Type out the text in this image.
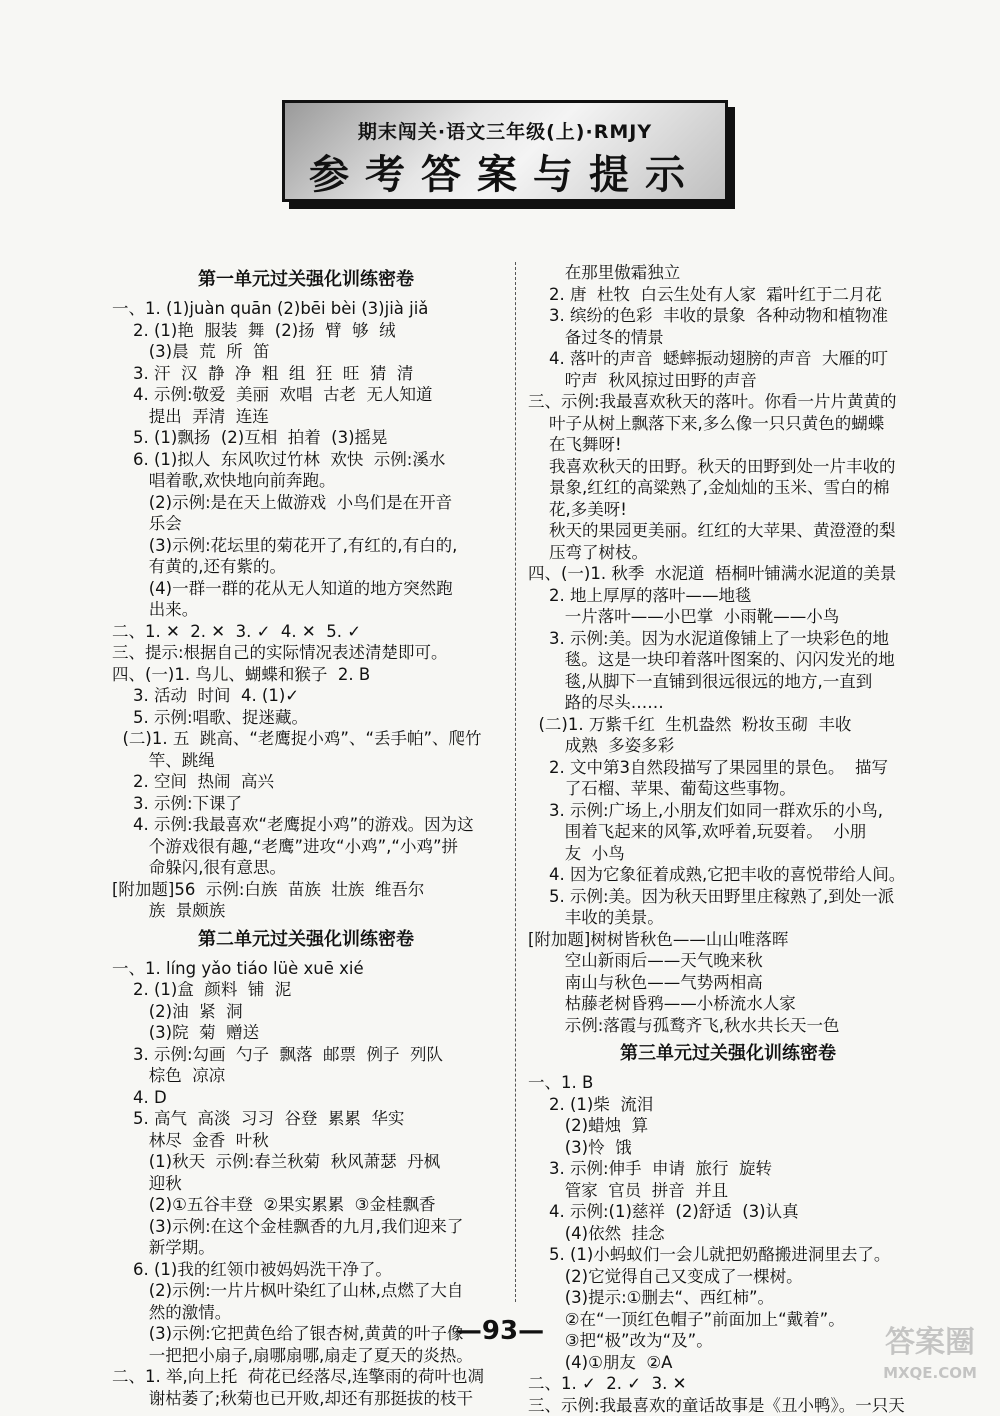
期末闯关·语文三年级(上)·RMJY
参考答案与提示
第一单元过关强化训练密卷
一、1. (1)juàn quān (2)bēi bèi (3)jià jiǎ
2. (1)艳  服装  舞  (2)扬  臂  够  绒
(3)晨  荒  所  笛
3. 汗  汉  静  净  粗  组  狂  旺  猜  清
4. 示例:敬爱  美丽  欢唱  古老  无人知道
提出  弄清  连连
5. (1)飘扬  (2)互相  拍着  (3)摇晃
6. (1)拟人  东风吹过竹林  欢快  示例:溪水
唱着歌,欢快地向前奔跑。
(2)示例:是在天上做游戏  小鸟们是在开音
乐会
(3)示例:花坛里的菊花开了,有红的,有白的,
有黄的,还有紫的。
(4)一群一群的花从无人知道的地方突然跑
出来。
二、1. ✕  2. ✕  3. ✓  4. ✕  5. ✓
三、提示:根据自己的实际情况表述清楚即可。
四、(一)1. 鸟儿、蝴蝶和猴子  2. B
3. 活动  时间  4. (1)✓
5. 示例:唱歌、捉迷藏。
(二)1. 五  跳高、“老鹰捉小鸡”、“丢手帕”、爬竹
竿、跳绳
2. 空间  热闹  高兴
3. 示例:下课了
4. 示例:我最喜欢“老鹰捉小鸡”的游戏。因为这
个游戏很有趣,“老鹰”进攻“小鸡”,“小鸡”拼
命躲闪,很有意思。
[附加题]56  示例:白族  苗族  壮族  维吾尔
族  景颇族
第二单元过关强化训练密卷
一、1. líng yǎo tiáo lüè xuē xié
2. (1)盒  颜料  铺  泥
(2)油  紧  洞
(3)院  菊  赠送
3. 示例:勾画  勺子  飘落  邮票  例子  列队
棕色  凉凉
4. D
5. 高气  高淡  习习  谷登  累累  华实
林尽  金香  叶秋
(1)秋天  示例:春兰秋菊  秋风萧瑟  丹枫
迎秋
(2)①五谷丰登  ②果实累累  ③金桂飘香
(3)示例:在这个金桂飘香的九月,我们迎来了
新学期。
6. (1)我的红领巾被妈妈洗干净了。
(2)示例:一片片枫叶染红了山林,点燃了大自
然的激情。
(3)示例:它把黄色给了银杏树,黄黄的叶子像
一把把小扇子,扇哪扇哪,扇走了夏天的炎热。
二、1. 举,向上托  荷花已经落尽,连擎雨的荷叶也凋
谢枯萎了;秋菊也已开败,却还有那挺拔的枝干
在那里傲霜独立
2. 唐  杜牧  白云生处有人家  霜叶红于二月花
3. 缤纷的色彩  丰收的景象  各种动物和植物准
备过冬的情景
4. 落叶的声音  蟋蟀振动翅膀的声音  大雁的叮
咛声  秋风掠过田野的声音
三、示例:我最喜欢秋天的落叶。你看一片片黄黄的
叶子从树上飘落下来,多么像一只只黄色的蝴蝶
在飞舞呀!
我喜欢秋天的田野。秋天的田野到处一片丰收的
景象,红红的高粱熟了,金灿灿的玉米、雪白的棉
花,多美呀!
秋天的果园更美丽。红红的大苹果、黄澄澄的梨
压弯了树枝。
四、(一)1. 秋季  水泥道  梧桐叶铺满水泥道的美景
2. 地上厚厚的落叶——地毯
一片落叶——小巴掌  小雨靴——小鸟
3. 示例:美。因为水泥道像铺上了一块彩色的地
毯。这是一块印着落叶图案的、闪闪发光的地
毯,从脚下一直铺到很远很远的地方,一直到
路的尽头……
(二)1. 万紫千红  生机盎然  粉妆玉砌  丰收
成熟  多姿多彩
2. 文中第3自然段描写了果园里的景色。  描写
了石榴、苹果、葡萄这些事物。
3. 示例:广场上,小朋友们如同一群欢乐的小鸟,
围着飞起来的风筝,欢呼着,玩耍着。  小朋
友  小鸟
4. 因为它象征着成熟,它把丰收的喜悦带给人间。
5. 示例:美。因为秋天田野里庄稼熟了,到处一派
丰收的美景。
[附加题]树树皆秋色——山山唯落晖
空山新雨后——天气晚来秋
南山与秋色——气势两相高
枯藤老树昏鸦——小桥流水人家
示例:落霞与孤鹜齐飞,秋水共长天一色
第三单元过关强化训练密卷
一、1. B
2. (1)柴  流泪
(2)蜡烛  算
(3)怜  饿
3. 示例:伸手  申请  旅行  旋转
管家  官员  拼音  并且
4. 示例:(1)慈祥  (2)舒适  (3)认真
(4)依然  挂念
5. (1)小蚂蚁们一会儿就把奶酪搬进洞里去了。
(2)它觉得自己又变成了一棵树。
(3)提示:①删去“、西红柿”。
②在“一顶红色帽子”前面加上“戴着”。
③把“极”改为“及”。
(4)①朋友  ②A
二、1. ✓  2. ✓  3. ✕
三、示例:我最喜欢的童话故事是《丑小鸭》。一只天
—93—	答案圈
MXQE.COM
